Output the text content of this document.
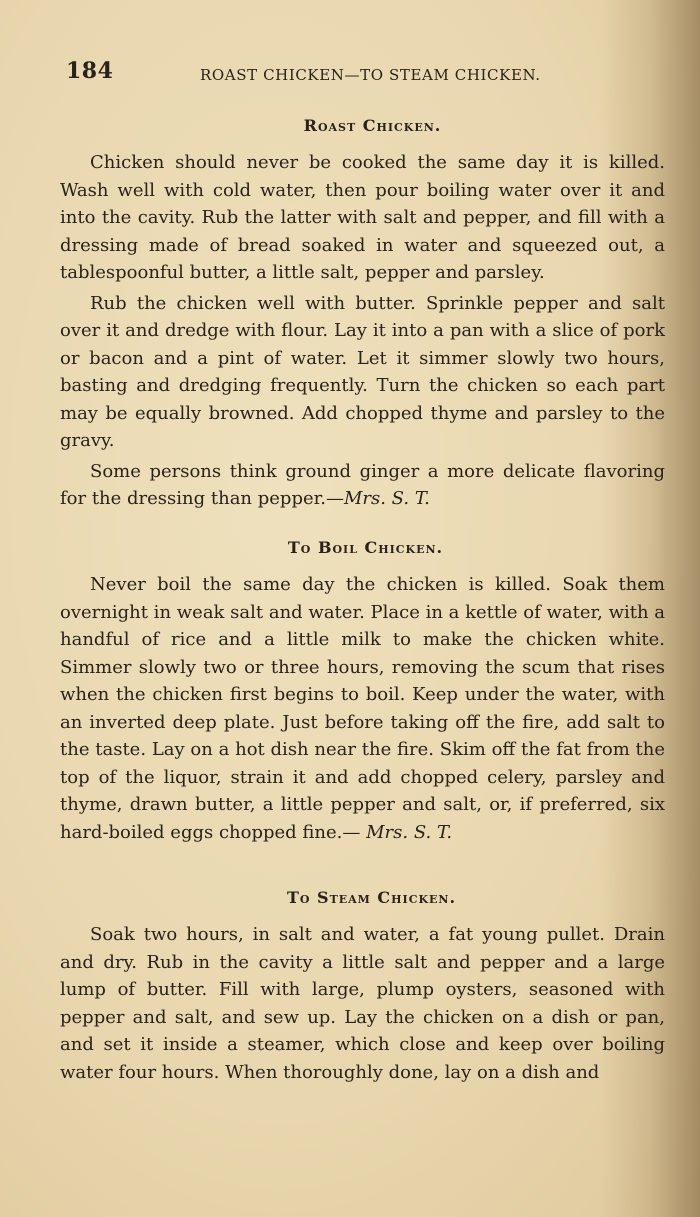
184	ROAST CHICKEN—TO STEAM CHICKEN.
Roast Chicken.

Chicken should never be cooked the same day it is killed. Wash well with cold water, then pour boiling water over it and into the cavity. Rub the latter with salt and pepper, and fill with a dressing made of bread soaked in water and squeezed out, a tablespoonful butter, a little salt, pepper and parsley.

Rub the chicken well with butter. Sprinkle pepper and salt over it and dredge with flour. Lay it into a pan with a slice of pork or bacon and a pint of water. Let it simmer slowly two hours, basting and dredging frequently. Turn the chicken so each part may be equally browned. Add chopped thyme and parsley to the gravy.

Some persons think ground ginger a more delicate flavoring for the dressing than pepper.—Mrs. S. T.

To Boil Chicken.

Never boil the same day the chicken is killed. Soak them overnight in weak salt and water. Place in a kettle of water, with a handful of rice and a little milk to make the chicken white. Simmer slowly two or three hours, removing the scum that rises when the chicken first begins to boil. Keep under the water, with an inverted deep plate. Just before taking off the fire, add salt to the taste. Lay on a hot dish near the fire. Skim off the fat from the top of the liquor, strain it and add chopped celery, parsley and thyme, drawn butter, a little pepper and salt, or, if preferred, six hard-boiled eggs chopped fine.— Mrs. S. T.

To Steam Chicken.

Soak two hours, in salt and water, a fat young pullet. Drain and dry. Rub in the cavity a little salt and pepper and a large lump of butter. Fill with large, plump oysters, seasoned with pepper and salt, and sew up. Lay the chicken on a dish or pan, and set it inside a steamer, which close and keep over boiling water four hours. When thoroughly done, lay on a dish and
